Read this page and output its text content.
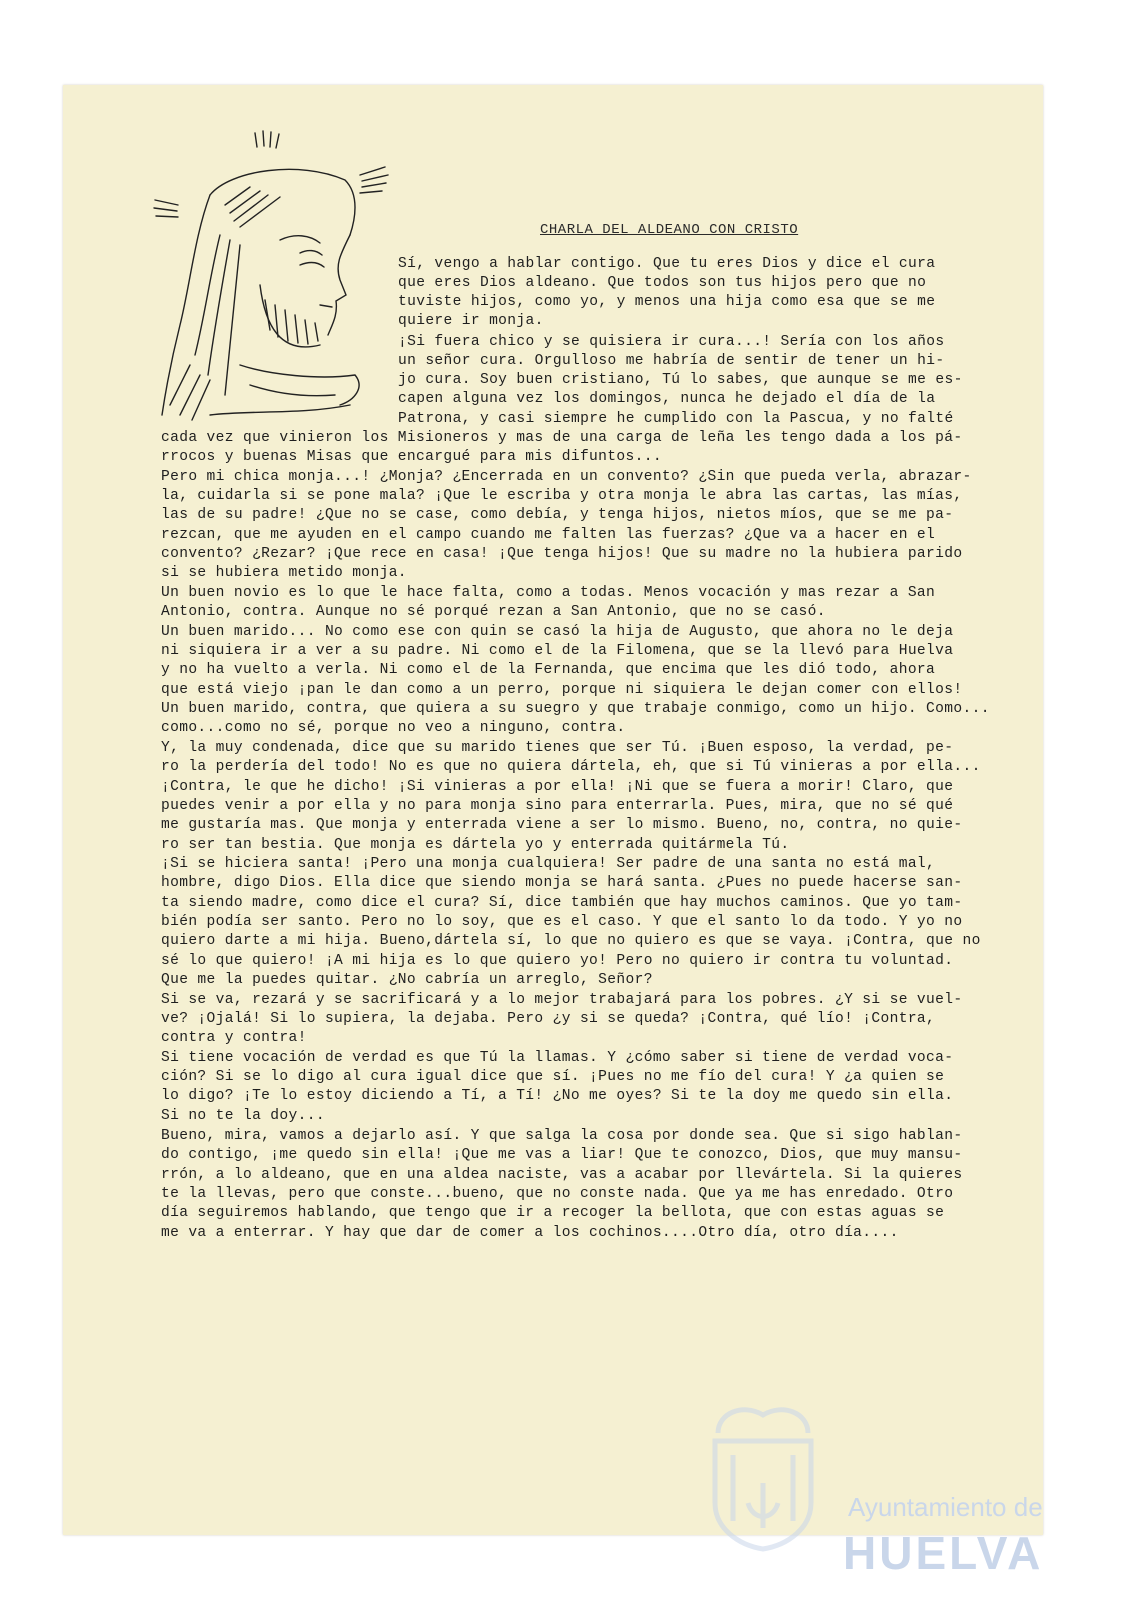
CHARLA DEL ALDEANO CON CRISTO
Sí, vengo a hablar contigo. Que tu eres Dios y dice el cura
que eres Dios aldeano. Que todos son tus hijos pero que no
tuviste hijos, como yo, y menos una hija como esa que se me
quiere ir monja.
¡Si fuera chico y se quisiera ir cura...! Sería con los años
un señor cura. Orgulloso me habría de sentir de tener un hi-
jo cura. Soy buen cristiano, Tú lo sabes, que aunque se me es-
capen alguna vez los domingos, nunca he dejado el día de la
Patrona, y casi siempre he cumplido con la Pascua, y no falté
cada vez que vinieron los Misioneros y mas de una carga de leña les tengo dada a los pá-
rrocos y buenas Misas que encargué para mis difuntos...
Pero mi chica monja...! ¿Monja? ¿Encerrada en un convento? ¿Sin que pueda verla, abrazar-
la, cuidarla si se pone mala? ¡Que le escriba y otra monja le abra las cartas, las mías,
las de su padre! ¿Que no se case, como debía, y tenga hijos, nietos míos, que se me pa-
rezcan, que me ayuden en el campo cuando me falten las fuerzas? ¿Que va a hacer en el
convento? ¿Rezar? ¡Que rece en casa! ¡Que tenga hijos! Que su madre no la hubiera parido
si se hubiera metido monja.
Un buen novio es lo que le hace falta, como a todas. Menos vocación y mas rezar a San
Antonio, contra. Aunque no sé porqué rezan a San Antonio, que no se casó.
Un buen marido... No como ese con quin se casó la hija de Augusto, que ahora no le deja
ni siquiera ir a ver a su padre. Ni como el de la Filomena, que se la llevó para Huelva
y no ha vuelto a verla. Ni como el de la Fernanda, que encima que les dió todo, ahora
que está viejo ¡pan le dan como a un perro, porque ni siquiera le dejan comer con ellos!
Un buen marido, contra, que quiera a su suegro y que trabaje conmigo, como un hijo. Como...
como...como no sé, porque no veo a ninguno, contra.
Y, la muy condenada, dice que su marido tienes que ser Tú. ¡Buen esposo, la verdad, pe-
ro la perdería del todo! No es que no quiera dártela, eh, que si Tú vinieras a por ella...
¡Contra, le que he dicho! ¡Si vinieras a por ella! ¡Ni que se fuera a morir! Claro, que
puedes venir a por ella y no para monja sino para enterrarla. Pues, mira, que no sé qué
me gustaría mas. Que monja y enterrada viene a ser lo mismo. Bueno, no, contra, no quie-
ro ser tan bestia. Que monja es dártela yo y enterrada quitármela Tú.
¡Si se hiciera santa! ¡Pero una monja cualquiera! Ser padre de una santa no está mal,
hombre, digo Dios. Ella dice que siendo monja se hará santa. ¿Pues no puede hacerse san-
ta siendo madre, como dice el cura? Sí, dice también que hay muchos caminos. Que yo tam-
bién podía ser santo. Pero no lo soy, que es el caso. Y que el santo lo da todo. Y yo no
quiero darte a mi hija. Bueno,dártela sí, lo que no quiero es que se vaya. ¡Contra, que no
sé lo que quiero! ¡A mi hija es lo que quiero yo! Pero no quiero ir contra tu voluntad.
Que me la puedes quitar. ¿No cabría un arreglo, Señor?
Si se va, rezará y se sacrificará y a lo mejor trabajará para los pobres. ¿Y si se vuel-
ve? ¡Ojalá! Si lo supiera, la dejaba. Pero ¿y si se queda? ¡Contra, qué lío! ¡Contra,
contra y contra!
Si tiene vocación de verdad es que Tú la llamas. Y ¿cómo saber si tiene de verdad voca-
ción? Si se lo digo al cura igual dice que sí. ¡Pues no me fío del cura! Y ¿a quien se
lo digo? ¡Te lo estoy diciendo a Tí, a Tí! ¿No me oyes? Si te la doy me quedo sin ella.
Si no te la doy...
Bueno, mira, vamos a dejarlo así. Y que salga la cosa por donde sea. Que si sigo hablan-
do contigo, ¡me quedo sin ella! ¡Que me vas a liar! Que te conozco, Dios, que muy mansu-
rrón, a lo aldeano, que en una aldea naciste, vas a acabar por llevártela. Si la quieres
te la llevas, pero que conste...bueno, que no conste nada. Que ya me has enredado. Otro
día seguiremos hablando, que tengo que ir a recoger la bellota, que con estas aguas se
me va a enterrar. Y hay que dar de comer a los cochinos....Otro día, otro día....
Ayuntamiento de
HUELVA
